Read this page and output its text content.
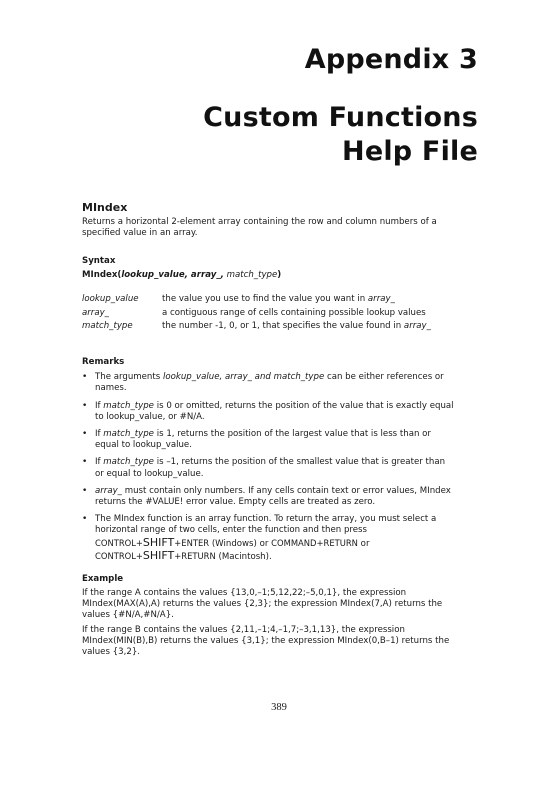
Appendix 3
Custom Functions
Help File
MIndex

Returns a horizontal 2-element array containing the row and column numbers of a

specified value in an array.

Syntax
MIndex(lookup_value, array_, match_type)
lookup_value	the value you use to find the value you want in array_
array_	a contiguous range of cells containing possible lookup values
match_type	the number -1, 0, or 1, that specifies the value found in array_
Remarks
• The arguments lookup_value, array_ and match_type can be either references or
names.
• If match_type is 0 or omitted, returns the position of the value that is exactly equal
to lookup_value, or #N/A.
• If match_type is 1, returns the position of the largest value that is less than or
equal to lookup_value.
• If match_type is –1, returns the position of the smallest value that is greater than
or equal to lookup_value.
• array_ must contain only numbers. If any cells contain text or error values, MIndex
returns the #VALUE! error value. Empty cells are treated as zero.
• The MIndex function is an array function. To return the array, you must select a
horizontal range of two cells, enter the function and then press
CONTROL+SHIFT+ENTER (Windows) or COMMAND+RETURN or
CONTROL+SHIFT+RETURN (Macintosh).
Example

If the range A contains the values {13,0,–1;5,12,22;–5,0,1}, the expression
MIndex(MAX(A),A) returns the values {2,3}; the expression MIndex(7,A) returns the
values {#N/A,#N/A}.

If the range B contains the values {2,11,–1;4,–1,7;–3,1,13}, the expression
MIndex(MIN(B),B) returns the values {3,1}; the expression MIndex(0,B–1) returns the
values {3,2}.

389
